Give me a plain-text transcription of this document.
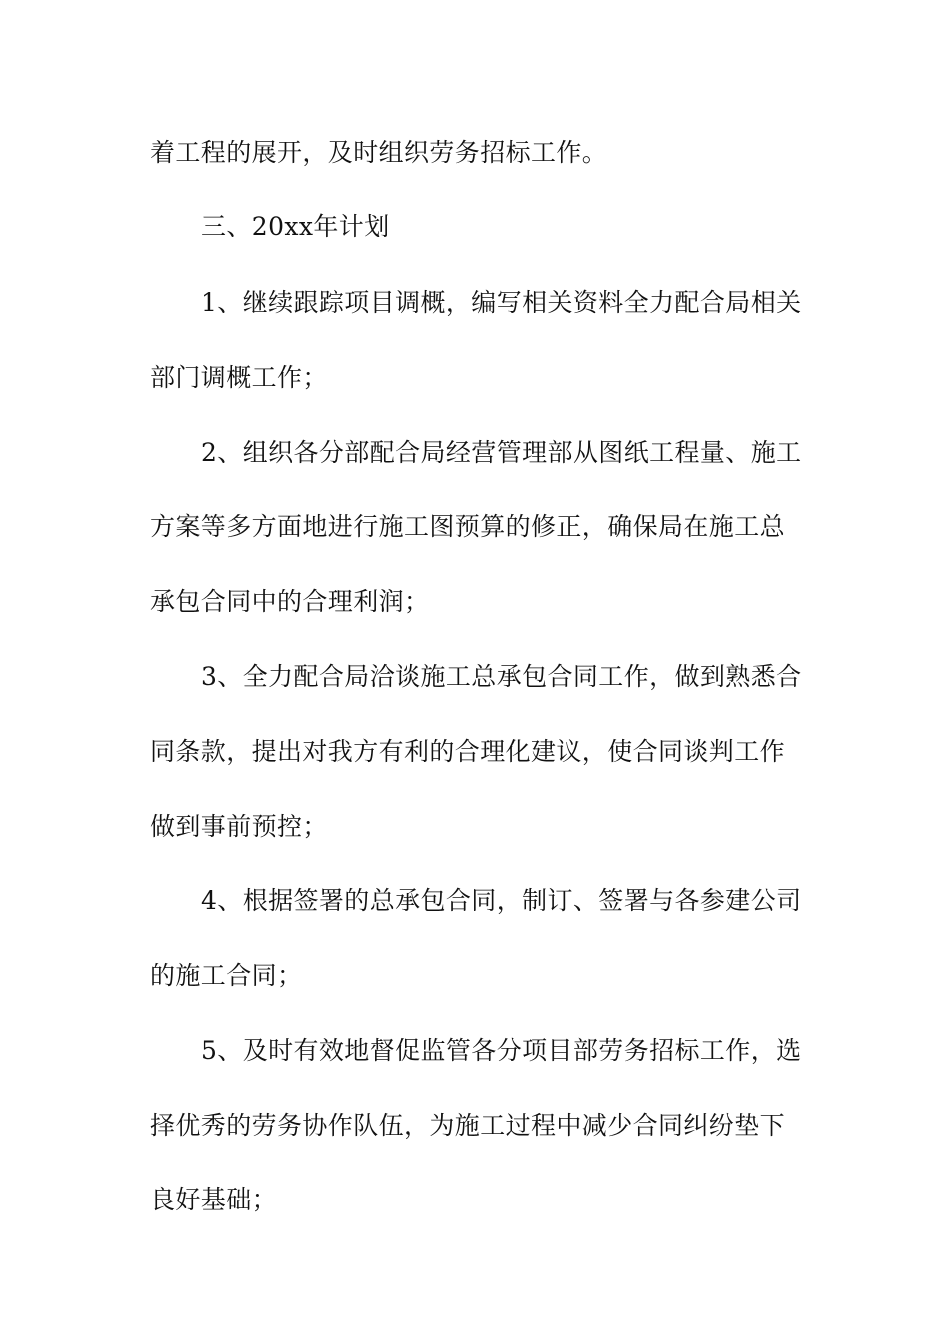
着工程的展开，及时组织劳务招标工作。
三、20xx年计划
1、继续跟踪项目调概，编写相关资料全力配合局相关
部门调概工作；
2、组织各分部配合局经营管理部从图纸工程量、施工
方案等多方面地进行施工图预算的修正，确保局在施工总
承包合同中的合理利润；
3、全力配合局洽谈施工总承包合同工作，做到熟悉合
同条款，提出对我方有利的合理化建议，使合同谈判工作
做到事前预控；
4、根据签署的总承包合同，制订、签署与各参建公司
的施工合同；
5、及时有效地督促监管各分项目部劳务招标工作，选
择优秀的劳务协作队伍，为施工过程中减少合同纠纷垫下
良好基础；
